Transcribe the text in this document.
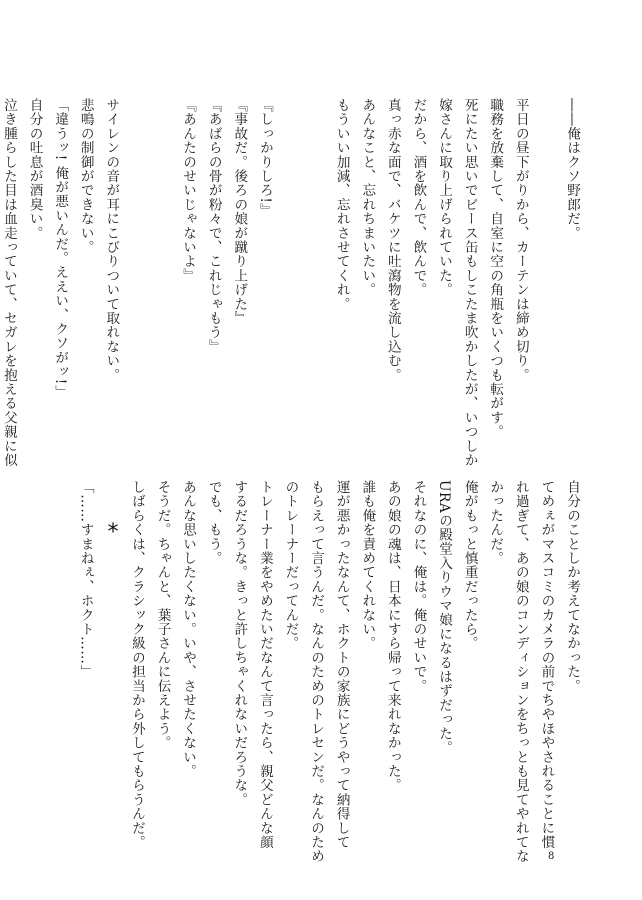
――俺はクソ野郎だ。
平日の昼下がりから、カーテンは締め切り。
職務を放棄して、自室に空の角瓶をいくつも転がす。
死にたい思いでビース缶もしこたま吹かしたが、いつしか
嫁さんに取り上げられていた。
だから、酒を飲んで、飲んで。
真っ赤な面で、バケツに吐瀉物を流し込む。
あんなこと、忘れちまいたい。
もういい加減、忘れさせてくれ。
『しっかりしろ!』
『事故だ。後ろの娘が蹴り上げた』
『あばらの骨が粉々で、これじゃもう』
『あんたのせいじゃないよ』
サイレンの音が耳にこびりついて取れない。
悲鳴の制御ができない。
「違うッ! 俺が悪いんだ。ええい、クソがッ!」
自分の吐息が酒臭い。
泣き腫らした目は血走っていて、セガレを抱える父親に似
*	自分のことしか考えてなかった。
てめぇがマスコミのカメラの前でちやほやされることに慣
れ過ぎて、あの娘のコンディションをちっとも見てやれてな
かったんだ。
俺がもっと慎重だったら。
URAの殿堂入りウマ娘になるはずだった。
それなのに、俺は。俺のせいで。
あの娘の魂は、日本にすら帰って来れなかった。
誰も俺を責めてくれない。
運が悪かったなんて、ホクトの家族にどうやって納得して
もらえって言うんだ。なんのためのトレセンだ。なんのため
のトレーナーだってんだ。
トレーナー業をやめたいだなんて言ったら、親父どんな顔
するだろうな。きっと許しちゃくれないだろうな。
でも、もう。
あんな思いしたくない。いや、させたくない。
そうだ。ちゃんと、葉子さんに伝えよう。
しばらくは、クラシック級の担当から外してもらうんだ。
「……すまねぇ、ホクト……」
8
